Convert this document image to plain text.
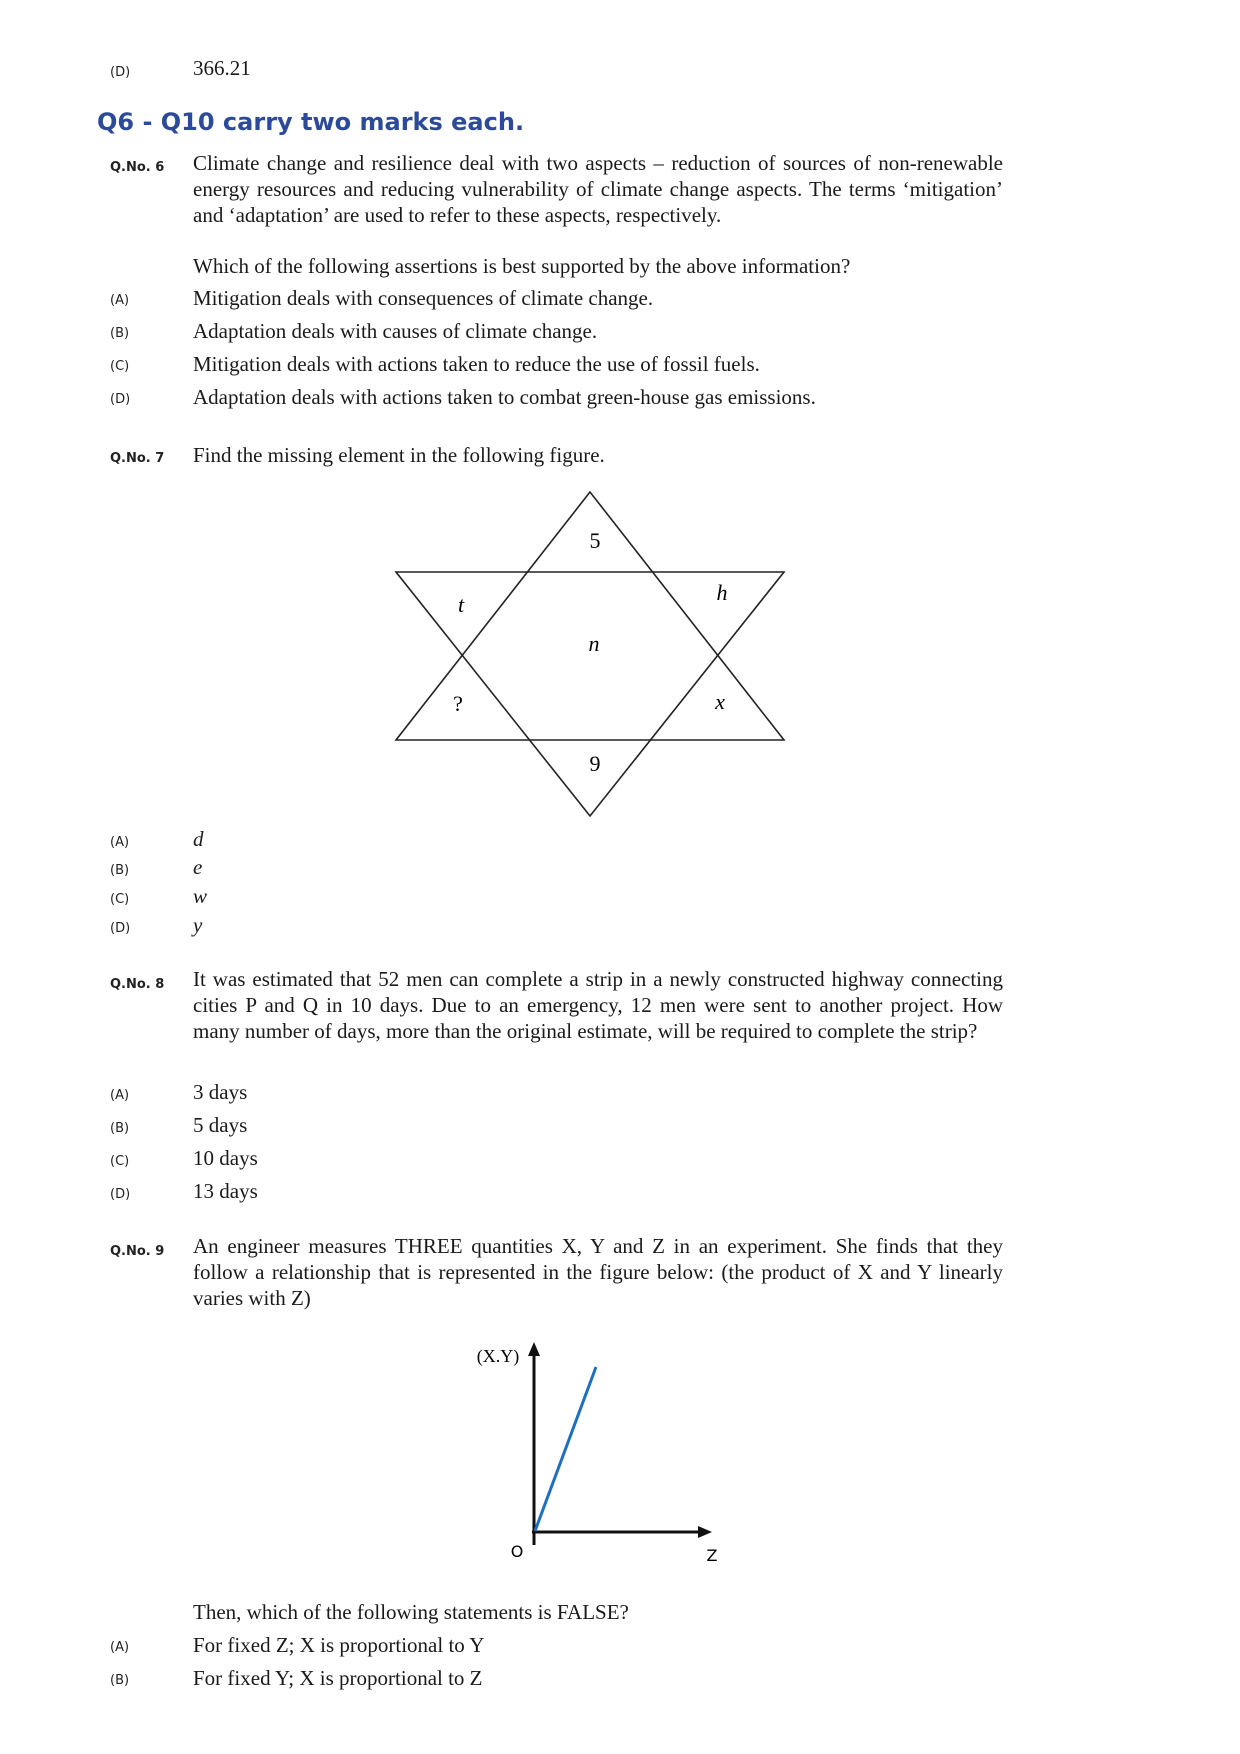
(D)	366.21
Q6 - Q10 carry two marks each.
Q.No. 6 Climate change and resilience deal with two aspects – reduction of sources of non-renewable energy resources and reducing vulnerability of climate change aspects. The terms ‘mitigation’ and ‘adaptation’ are used to refer to these aspects, respectively.
Which of the following assertions is best supported by the above information?
(A)	Mitigation deals with consequences of climate change.
(B)	Adaptation deals with causes of climate change.
(C)	Mitigation deals with actions taken to reduce the use of fossil fuels.
(D)	Adaptation deals with actions taken to combat green-house gas emissions.
Q.No. 7 Find the missing element in the following figure.
5
t	h
n
?	x
9
(A)	d
(B)	e
(C)	w
(D)	y
Q.No. 8 It was estimated that 52 men can complete a strip in a newly constructed highway connecting cities P and Q in 10 days. Due to an emergency, 12 men were sent to another project. How many number of days, more than the original estimate, will be required to complete the strip?
(A)	3 days
(B)	5 days
(C)	10 days
(D)	13 days
Q.No. 9 An engineer measures THREE quantities X, Y and Z in an experiment. She finds that they follow a relationship that is represented in the figure below: (the product of X and Y linearly varies with Z)
(X.Y)
Z
O
Then, which of the following statements is FALSE?
(A)	For fixed Z; X is proportional to Y
(B)	For fixed Y; X is proportional to Z
